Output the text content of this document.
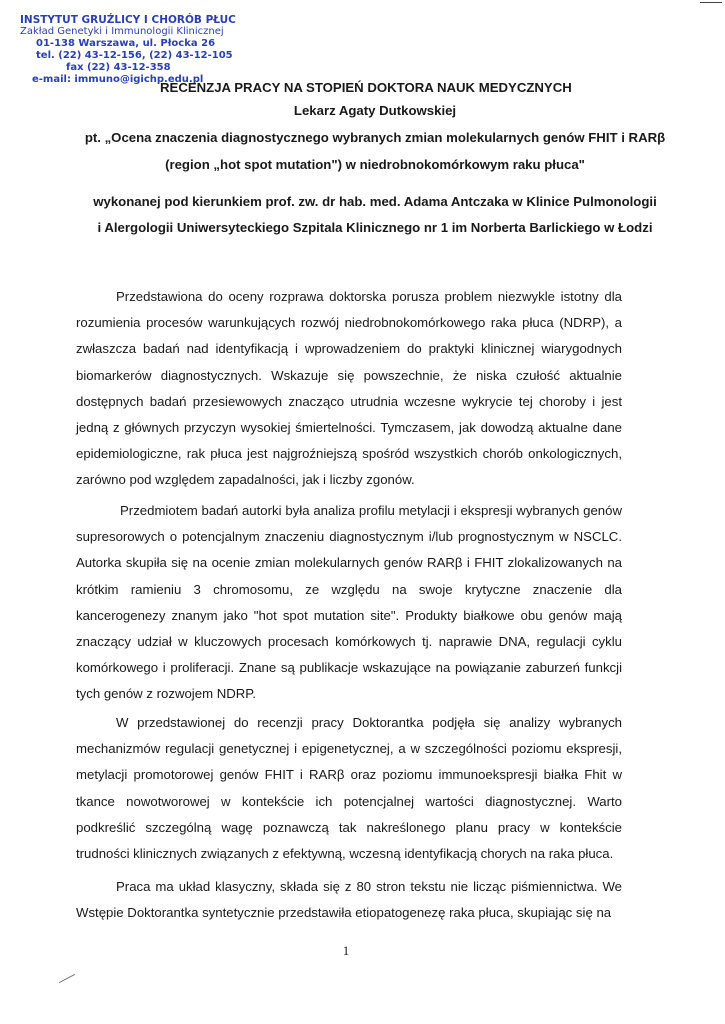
INSTYTUT GRUŹLICY I CHORÓB PŁUC
Zakład Genetyki i Immunologii Klinicznej
01-138 Warszawa, ul. Płocka 26
tel. (22) 43-12-156, (22) 43-12-105
fax (22) 43-12-358
e-mail: immuno@igichp.edu.pl
RECENZJA PRACY NA STOPIEŃ DOKTORA NAUK MEDYCZNYCH
Lekarz Agaty Dutkowskiej
pt. „Ocena znaczenia diagnostycznego wybranych zmian molekularnych genów FHIT i RARβ
(region „hot spot mutation") w niedrobnokomórkowym raku płuca"
wykonanej pod kierunkiem prof. zw. dr hab. med. Adama Antczaka w Klinice Pulmonologii
i Alergologii Uniwersyteckiego Szpitala Klinicznego nr 1 im Norberta Barlickiego w Łodzi

Przedstawiona do oceny rozprawa doktorska porusza problem niezwykle istotny dla rozumienia procesów warunkujących rozwój niedrobnokomórkowego raka płuca (NDRP), a zwłaszcza badań nad identyfikacją i wprowadzeniem do praktyki klinicznej wiarygodnych biomarkerów diagnostycznych. Wskazuje się powszechnie, że niska czułość aktualnie dostępnych badań przesiewowych znacząco utrudnia wczesne wykrycie tej choroby i jest jedną z głównych przyczyn wysokiej śmiertelności. Tymczasem, jak dowodzą aktualne dane epidemiologiczne, rak płuca jest najgroźniejszą spośród wszystkich chorób onkologicznych, zarówno pod względem zapadalności, jak i liczby zgonów.

Przedmiotem badań autorki była analiza profilu metylacji i ekspresji wybranych genów supresorowych o potencjalnym znaczeniu diagnostycznym i/lub prognostycznym w NSCLC. Autorka skupiła się na ocenie zmian molekularnych genów RARβ i FHIT zlokalizowanych na krótkim ramieniu 3 chromosomu, ze względu na swoje krytyczne znaczenie dla kancerogenezy znanym jako "hot spot mutation site". Produkty białkowe obu genów mają znaczący udział w kluczowych procesach komórkowych tj. naprawie DNA, regulacji cyklu komórkowego i proliferacji. Znane są publikacje wskazujące na powiązanie zaburzeń funkcji tych genów z rozwojem NDRP.

W przedstawionej do recenzji pracy Doktorantka podjęła się analizy wybranych mechanizmów regulacji genetycznej i epigenetycznej, a w szczególności poziomu ekspresji, metylacji promotorowej genów FHIT i RARβ oraz poziomu immunoekspresji białka Fhit w tkance nowotworowej w kontekście ich potencjalnej wartości diagnostycznej. Warto podkreślić szczególną wagę poznawczą tak nakreślonego planu pracy w kontekście trudności klinicznych związanych z efektywną, wczesną identyfikacją chorych na raka płuca.

Praca ma układ klasyczny, składa się z 80 stron tekstu nie licząc piśmiennictwa. We Wstępie Doktorantka syntetycznie przedstawiła etiopatogenezę raka płuca, skupiając się na

1
